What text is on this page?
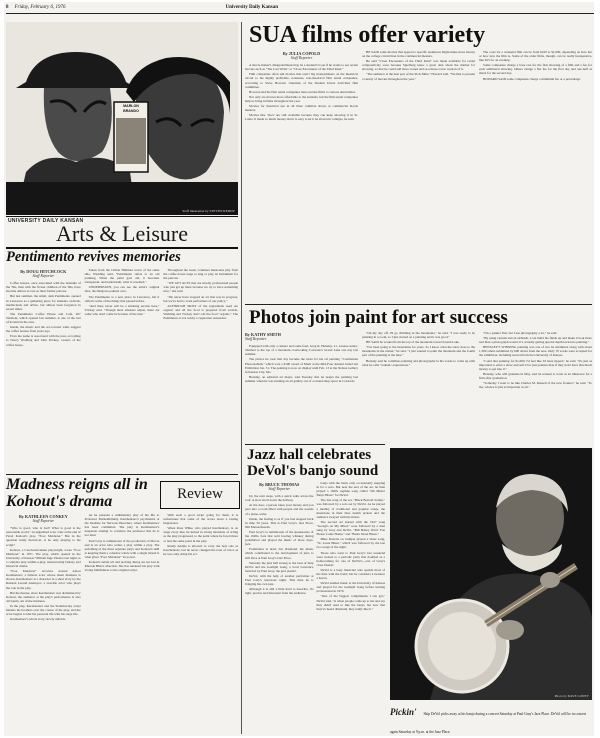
8 Friday, February 6, 1976	University Daily Kansan
MARLON BRANDO
Staff illustration by STEVEN REDDY
UNIVERSITY DAILY KANSAN
Arts & Leisure
Pentimento revives memories
By DOUG HITCHCOCK
Staff Reporter

Coffee houses, once associated with the beatniks of the '50s, then with the flower children of the '60s, have become almost as rare as their former patrons.

But last summer, the small, dark Pentimento opened in Lawrence as a gathering place for students, radicals, intellectuals and artists, but almost been forgotten in recent times.

The Pentimento Coffee House and Cafe, 927 Vermont, which opened last summer, is one of the last of its kind in the area.

Inside, the music and the art-covered walls suggest the coffee houses from years ago.

Even the name is associated with the past, according to Nancy Wadding and John Trickey, owners of the coffee house.

Taken from the Lillian Hellman novel of the same title, Wadding said, "Pentimento refers to an old painting. When the paint gets old, it becomes transparent, and underneath, what is revealed."

UNDERNEATH, you can see the artist's original idea, the things he painted over.

The Pentimento is a new place in Lawrence, but it reflects some of the things that passed before.

"And there never will be a smoking section here," Trickey said. "Though most smokers adjust, there are some who don't come in because of the rule."

Throughout the week, volunteer musicians play from the coffee house stage to sing or play an instrument for the patrons.

"WE GET ACTS that are mostly professional people who just get up there because we try to have something nice," she said.

"We never have stopped an act that was in progress, but we've had to warn performers of our policy."

ALTHOUGH MOST of the ingredients used are organic and all the food is prepared from scratch, Wadding and Trickey don't call the food "organic." The Pentimento is not solely a vegetarian restaurant.

Madness reigns all in Kohout's drama	Review
By KATHLEEN CONKEY
Staff Reporter

"Who is good, who is bad? What is good is the reasonable world," an anguished actor cries at the end of Pavel Kohout's play, "Poor Murderer." But in the question really rhetorical, is he only playing to his script?

Kohout, a Czechoslovakian playwright, wrote "Poor Murderer" in 1971. The play, which opened in the University of Kansas' William Inge Theatre last night, is a complex play-within-a-play, interweaving fantasy and historical drama.

"Poor Murderer" revolves around Anton Kerzhentsev, a famous actor whose latent madness is shown. Kerzhentsev is a character in a short story by the Russian Leonid Andreyev, a real-life actor who plays the role in the play.

But the theater, since Kerzhentsev was dramatized by Kohout, the audience at the play's performance is also obviously out of the madness.

In the play, Kerzhentsev and the Stanislavsky script hinders his brothers over the course of the play, and the actor begins to blur his personal life with his stage life.

Kerzhentsev's whole story slowly unfolds.

As he presents a rudimentary play of his life to Professor Drzhembitskiy, Kerzhentsev's psychiatrist at the Institute for Nervous Disorders, where Kerzhentsev has been committed. The play is Kerzhentsev's desperate attempt to convince the professor that he is not mad.

Paul Gray is reminiscent of the production of Moore and is an actor who writes a play within a play. The unfolding of the three separate plays and Kohout's skill at keeping them a cohesive whole with a single thread is what gives "Poor Murderer" its power.

Kohout's subtle wit and probing dialog are not lost in Rhonda Bliss's direction. She has rendered his play with loving faithfulness to the original script.

With such a good script going for them, it is unfortunate that some of the actors leave a lasting impression.

When Ross Wilke, who played Kerzhentsev, is on stage every line, he turned in strong moments of acting as the play progressed, to the point where he faced more or less the same point in the play.

Randy Adams is allowed to carry the best role as Kerzhentsev, but he never changed his tone of voice as he was only doing his act.

SUA films offer variety
By JULIA COPOLD
Staff Reporter

A movie maker's disappointment may be a student's boon if he wants to see recent movies such as "The Last Waltz" or "Close Encounters of the Third Kind."

Film companies often sell movies that aren't big moneymakers on the theatrical circuit to the highly profitable, nonsense, non-theatrical film rental companies, according to Steve Howard, chairman of the Student Union Activities film committee.

Howard said the film rental companies then rent the films to various universities.

Not only are movies more affordable to the students, but the film rental companies help us bring in films throughout the year.

Movies for theatrical use in all three common shows at commercial movie theaters.

Movies like 'Jaws' are still available because they can keep showing it in St. Louis. It made so much money that it is easy to let it be shown in colleges, he said.

HE SAID some movies that appeal to specific audiences might make more money on the college circuit than in the commercial theaters.

He said "Close Encounters of the Third Kind" was made available for rental comparatively soon because Spielberg knew a great deal about the market for showing, so that he could add more scenes and re-release a new version of it.

"The audience is the best part of the SUA films," Howard said. "We like to present a variety of movies throughout the year."

The costs for a weekend film can be from $100 to $1,000, depending on how hot or how new the film is. Some of the older films, though, can be really inexpensive, like $25 for an evening.

Some companies charge a base rate for the first showing of a film and a fee for each additional showing. Others charge a flat fee for the first day and one-half as much for the second day.

HOWARD SAID some companies charge a minimum fee or a percentage.

Photos join paint for art success
By KATHY SMITH
Staff Reporter

Equipped with only a camera and some feed, Greg R. Hensley, 21, Lenexa senior, climbed to the top of a mountain overlooking Colorado's Grand Lake one day last summer.

The photos he took that day became the basis for his oil painting "Continental Photorealism," which won a $100 award of Merit at the Mid-Four Annual Juried Art Exhibition Jan. 31. The painting is now on display until Feb. 13 at the Nelson Gallery in Kansas City, Mo.

Hensley, an editorial art major, said Tuesday that he began the painting last summer when he was running an art gallery out of a rented shop space in Colorado.

"On my day off, I'll go climbing in the mountains," he said. "I was ready to be painting in a room, so I just started on a painting and it was good."

HE SAID he worked from the top of the mountain toward Grand Lake.

"I've been going to the mountains for years. So I know what the snow does to the mountains in the winter," he said. "I just wanted to paint the mountain and the fourth part of the painting is the lake."

Hensley said he combines painting and photography in his works to come up with what he calls "realistic expressions."

"I'm a painter first, but I use photography a lot," he said.

"By using varnish and an airbrush, I can build the finish up and make it look more real than a photograph would. It's actually getting special depth back into painting."

HENSLEY'S WINNING painting was one of two he submitted along with about 1,300 others submitted by 600 artists from the area. Only 70 works were accepted for the exhibition, including several from the University of Kansas.

"I said that painting for $1,000, I'd feel like I'd been ripped," he said. "It's just as important to enter a show and sell it for just pennies than if they don't have that much money to get into it."

Hensley, who will graduate in May, said he wanted to work as an illustrator for a firm after graduation.

"Someday I want to be like Charles M. Russell of the new frontier," he said. "To me, science is just as important as art."

Jazz hall celebrates DeVol's banjo sound
By BRUCE THOMAS
Staff Reporter

Up the stair steps, with a quick walk across the roof. A slow stroll down the hallway.

At the door, a person takes your money and you pass into a room filled with people and the sounds of a piano-some.

Inside, the feeling is as if you had stepped back in time 50 years. This is Paul Gray's Jazz Place, 926 Massachusetts.

Paul Gray's is reminiscent of the speakeasies of the 1920s, bars that sold bootleg whiskey during prohibition and played the music of those days-jazz.

Prohibition is dead, but dixieland, the music which contributed to the development of jazz, is still alive at Paul Gray's Jazz Place.

Saturday the jazz hall swung to the beat of Skip DeVol and the Gaslight Gang, a local Lawrence band led by Paul Gray, the jazz pianist.

DeVol, with the help of another performer at Paul Gray's tenacious night. This time he is bringing his own jazz.

Although it is still a little hard to describe, it's tight, precise and dissonant from the audience.

banjo with the band, only occasionally stepping in for a solo. But near the end of the set, he then played a 1920s ragtime song called "Oh Mister Banjo Blues" for DeVol.

The last song of the set, "Black Bottom Stomp," was followed by a solo set by DeVol. As he played a medley of traditional and popular songs, the musicians in their blue denim jackets and the audience swayed with the music.

The second set started with the 1927 song "Georgia on My Mind," soon followed by a duet sung by Gray and DeVol, "Bill Bailey Won't You Please Come Home," and "Basin Street Blues."

Mike Roberts on trumpet played a blues song, "St. Louis Blues," which was followed by the last two songs of the night.

Those who went to Paul Gray's last weekend were treated to a periodic party that doubled as a homecoming for one of DeVol's—one of Gray's close friends.

DeVol is a busy musician who spends most of his time with the band; but he considers Lawrence a haven.

DeVol studied music at the University of Kansas and played for the Gaslight Gang before turning professional in 1970.

"One of the biggest compliments I can get," DeVol said, "is when people come up to me and say they didn't used to like the banjo, but now that they've heard dixieland, they really like it."

Photo by DAVE LONEY
Pickin' Skip DeVol picks away at his banjo during a concert Saturday at Paul Gray's Jazz Place. DeVol will be in concert again Saturday at 9 p.m. at the Jazz Place.
